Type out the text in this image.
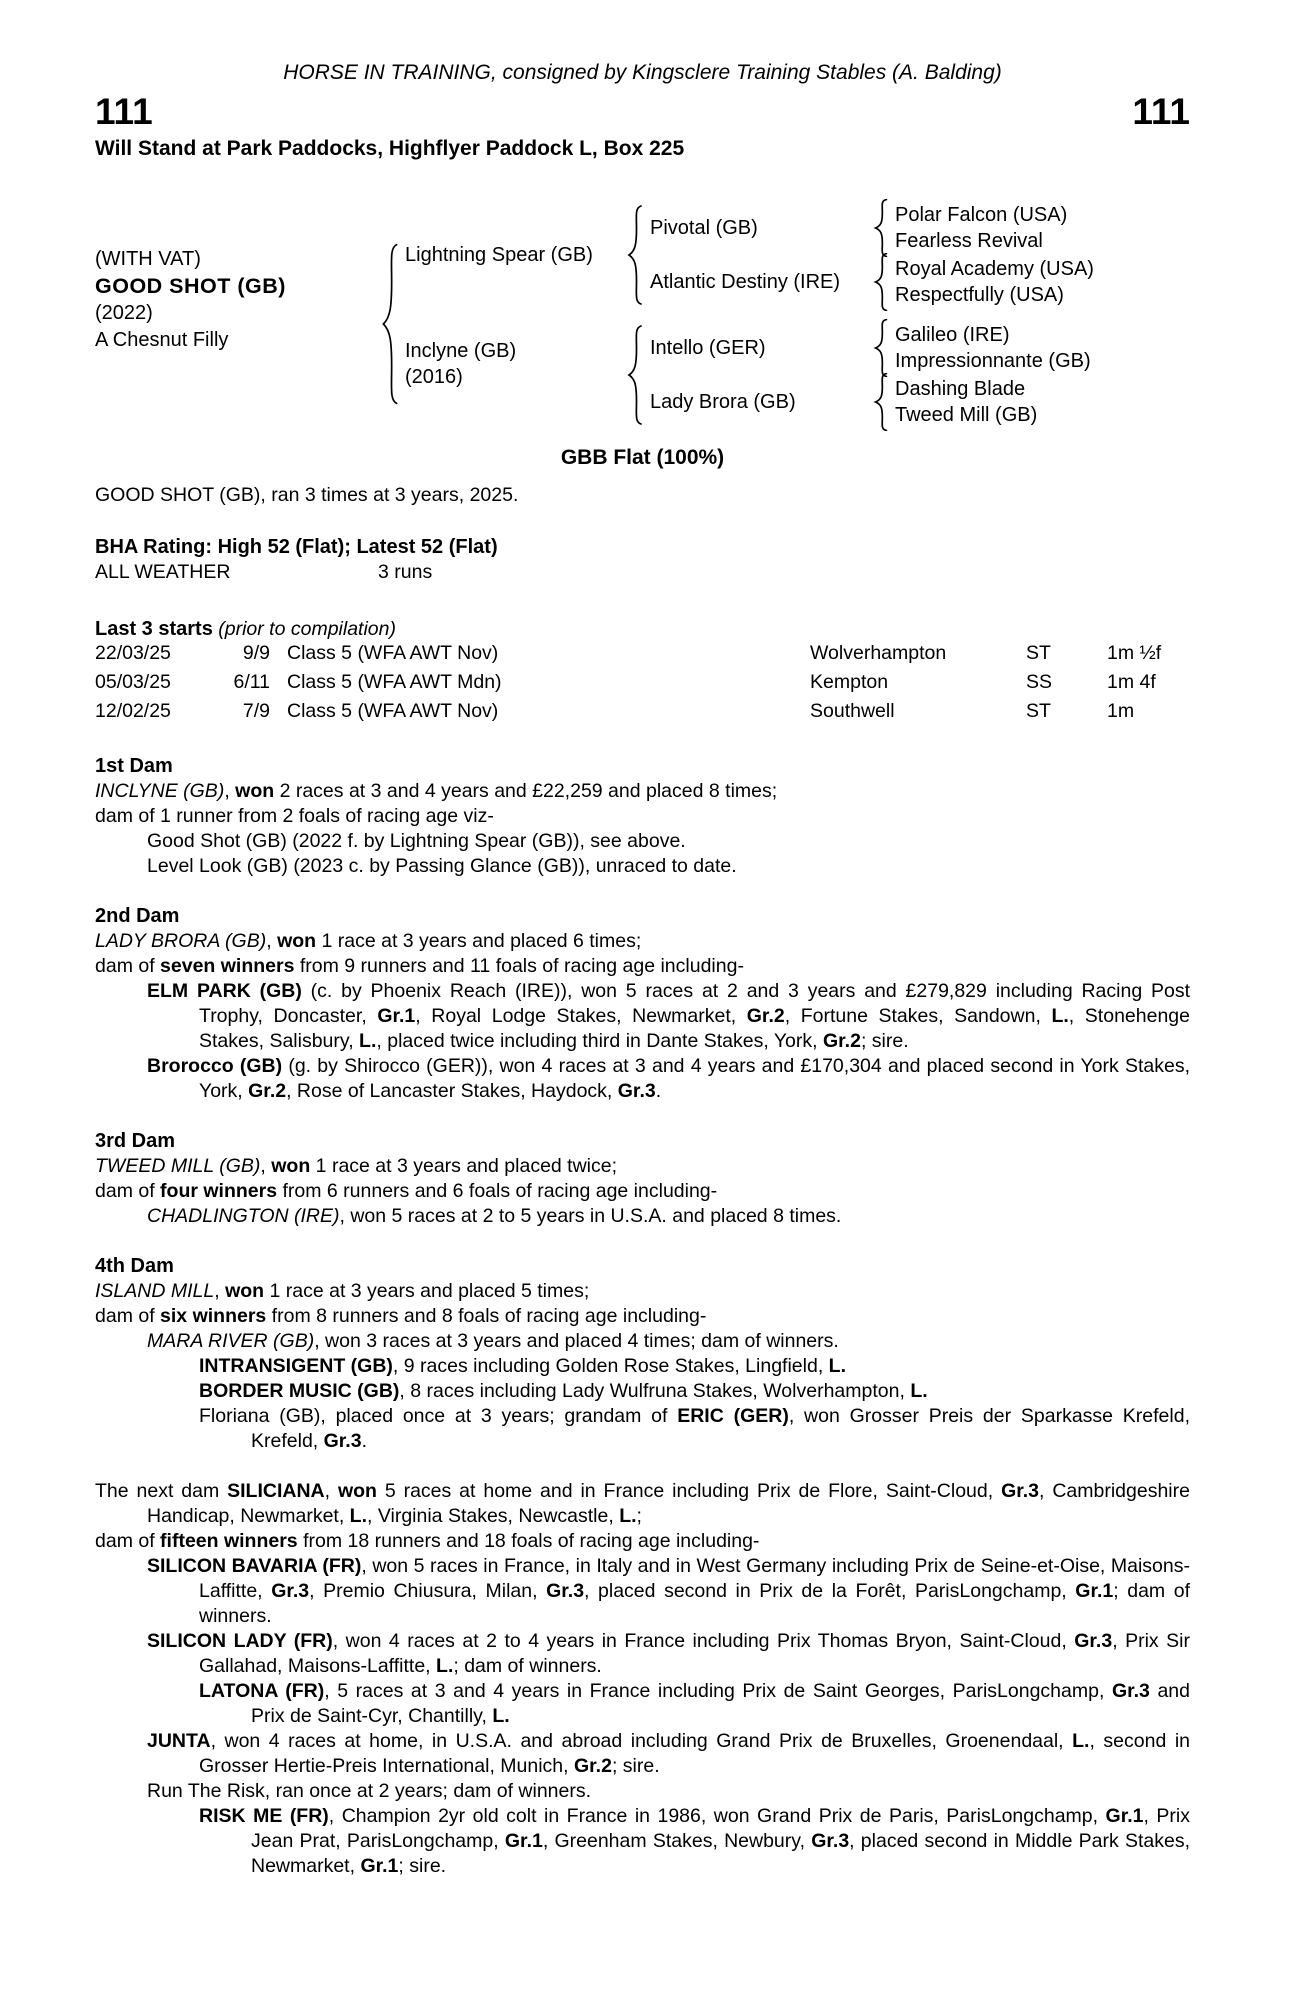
HORSE IN TRAINING, consigned by Kingsclere Training Stables (A. Balding)
111	111
Will Stand at Park Paddocks, Highflyer Paddock L, Box 225
(WITH VAT)
GOOD SHOT (GB)
(2022)
A Chesnut Filly
Lightning Spear (GB)
Pivotal (GB)
Polar Falcon (USA)
Fearless Revival
Atlantic Destiny (IRE)
Royal Academy (USA)
Respectfully (USA)
Inclyne (GB)
(2016)
Intello (GER)
Galileo (IRE)
Impressionnante (GB)
Lady Brora (GB)
Dashing Blade
Tweed Mill (GB)
GBB Flat (100%)
GOOD SHOT (GB), ran 3 times at 3 years, 2025.
BHA Rating: High 52 (Flat); Latest 52 (Flat)
ALL WEATHER	3 runs
Last 3 starts (prior to compilation)
22/03/25	9/9 Class 5 (WFA AWT Nov)	Wolverhampton	ST	1m ½f
05/03/25	6/11 Class 5 (WFA AWT Mdn)	Kempton	SS	1m 4f
12/02/25	7/9 Class 5 (WFA AWT Nov)	Southwell	ST	1m
1st Dam
INCLYNE (GB), won 2 races at 3 and 4 years and £22,259 and placed 8 times;
dam of 1 runner from 2 foals of racing age viz-
Good Shot (GB) (2022 f. by Lightning Spear (GB)), see above.
Level Look (GB) (2023 c. by Passing Glance (GB)), unraced to date.
2nd Dam
LADY BRORA (GB), won 1 race at 3 years and placed 6 times;
dam of seven winners from 9 runners and 11 foals of racing age including-
ELM PARK (GB) (c. by Phoenix Reach (IRE)), won 5 races at 2 and 3 years and £279,829 including Racing Post Trophy, Doncaster, Gr.1, Royal Lodge Stakes, Newmarket, Gr.2, Fortune Stakes, Sandown, L., Stonehenge Stakes, Salisbury, L., placed twice including third in Dante Stakes, York, Gr.2; sire.
Brorocco (GB) (g. by Shirocco (GER)), won 4 races at 3 and 4 years and £170,304 and placed second in York Stakes, York, Gr.2, Rose of Lancaster Stakes, Haydock, Gr.3.
3rd Dam
TWEED MILL (GB), won 1 race at 3 years and placed twice;
dam of four winners from 6 runners and 6 foals of racing age including-
CHADLINGTON (IRE), won 5 races at 2 to 5 years in U.S.A. and placed 8 times.
4th Dam
ISLAND MILL, won 1 race at 3 years and placed 5 times;
dam of six winners from 8 runners and 8 foals of racing age including-
MARA RIVER (GB), won 3 races at 3 years and placed 4 times; dam of winners.
INTRANSIGENT (GB), 9 races including Golden Rose Stakes, Lingfield, L.
BORDER MUSIC (GB), 8 races including Lady Wulfruna Stakes, Wolverhampton, L.
Floriana (GB), placed once at 3 years; grandam of ERIC (GER), won Grosser Preis der Sparkasse Krefeld, Krefeld, Gr.3.
The next dam SILICIANA, won 5 races at home and in France including Prix de Flore, Saint-Cloud, Gr.3, Cambridgeshire Handicap, Newmarket, L., Virginia Stakes, Newcastle, L.;
dam of fifteen winners from 18 runners and 18 foals of racing age including-
SILICON BAVARIA (FR), won 5 races in France, in Italy and in West Germany including Prix de Seine-et-Oise, Maisons-Laffitte, Gr.3, Premio Chiusura, Milan, Gr.3, placed second in Prix de la Forêt, ParisLongchamp, Gr.1; dam of winners.
SILICON LADY (FR), won 4 races at 2 to 4 years in France including Prix Thomas Bryon, Saint-Cloud, Gr.3, Prix Sir Gallahad, Maisons-Laffitte, L.; dam of winners.
LATONA (FR), 5 races at 3 and 4 years in France including Prix de Saint Georges, ParisLongchamp, Gr.3 and Prix de Saint-Cyr, Chantilly, L.
JUNTA, won 4 races at home, in U.S.A. and abroad including Grand Prix de Bruxelles, Groenendaal, L., second in Grosser Hertie-Preis International, Munich, Gr.2; sire.
Run The Risk, ran once at 2 years; dam of winners.
RISK ME (FR), Champion 2yr old colt in France in 1986, won Grand Prix de Paris, ParisLongchamp, Gr.1, Prix Jean Prat, ParisLongchamp, Gr.1, Greenham Stakes, Newbury, Gr.3, placed second in Middle Park Stakes, Newmarket, Gr.1; sire.
